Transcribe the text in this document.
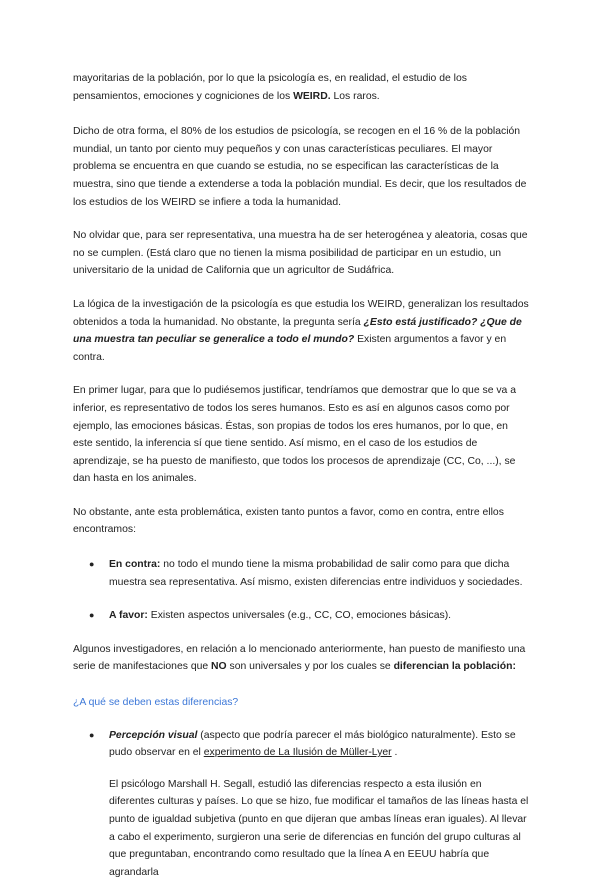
mayoritarias de la población, por lo que la psicología es, en realidad, el estudio de los pensamientos, emociones y cogniciones de los WEIRD. Los raros.

Dicho de otra forma, el 80% de los estudios de psicología, se recogen en el 16 % de la población mundial, un tanto por ciento muy pequeños y con unas características peculiares. El mayor problema se encuentra en que cuando se estudia, no se especifican las características de la muestra, sino que tiende a extenderse a toda la población mundial. Es decir, que los resultados de los estudios de los WEIRD se infiere a toda la humanidad.

No olvidar que, para ser representativa, una muestra ha de ser heterogénea y aleatoria, cosas que no se cumplen. (Está claro que no tienen la misma posibilidad de participar en un estudio, un universitario de la unidad de California que un agricultor de Sudáfrica.

La lógica de la investigación de la psicología es que estudia los WEIRD, generalizan los resultados obtenidos a toda la humanidad. No obstante, la pregunta sería ¿Esto está justificado? ¿Que de una muestra tan peculiar se generalice a todo el mundo? Existen argumentos a favor y en contra.

En primer lugar, para que lo pudiésemos justificar, tendríamos que demostrar que lo que se va a inferior, es representativo de todos los seres humanos. Esto es así en algunos casos como por ejemplo, las emociones básicas. Éstas, son propias de todos los eres humanos, por lo que, en este sentido, la inferencia sí que tiene sentido. Así mismo, en el caso de los estudios de aprendizaje, se ha puesto de manifiesto, que todos los procesos de aprendizaje (CC, Co, ...), se dan hasta en los animales.

No obstante, ante esta problemática, existen tanto puntos a favor, como en contra, entre ellos encontramos:

● En contra: no todo el mundo tiene la misma probabilidad de salir como para que dicha muestra sea representativa. Así mismo, existen diferencias entre individuos y sociedades.
● A favor: Existen aspectos universales (e.g., CC, CO, emociones básicas).

Algunos investigadores, en relación a lo mencionado anteriormente, han puesto de manifiesto una serie de manifestaciones que NO son universales y por los cuales se diferencian la población:

¿A qué se deben estas diferencias?

● Percepción visual (aspecto que podría parecer el más biológico naturalmente). Esto se pudo observar en el experimento de La Ilusión de Müller-Lyer .

El psicólogo Marshall H. Segall, estudió las diferencias respecto a esta ilusión en diferentes culturas y países. Lo que se hizo, fue modificar el tamaños de las líneas hasta el punto de igualdad subjetiva (punto en que dijeran que ambas líneas eran iguales). Al llevar a cabo el experimento, surgieron una serie de diferencias en función del grupo culturas al que preguntaban, encontrando como resultado que la línea A en EEUU habría que agrandarla
